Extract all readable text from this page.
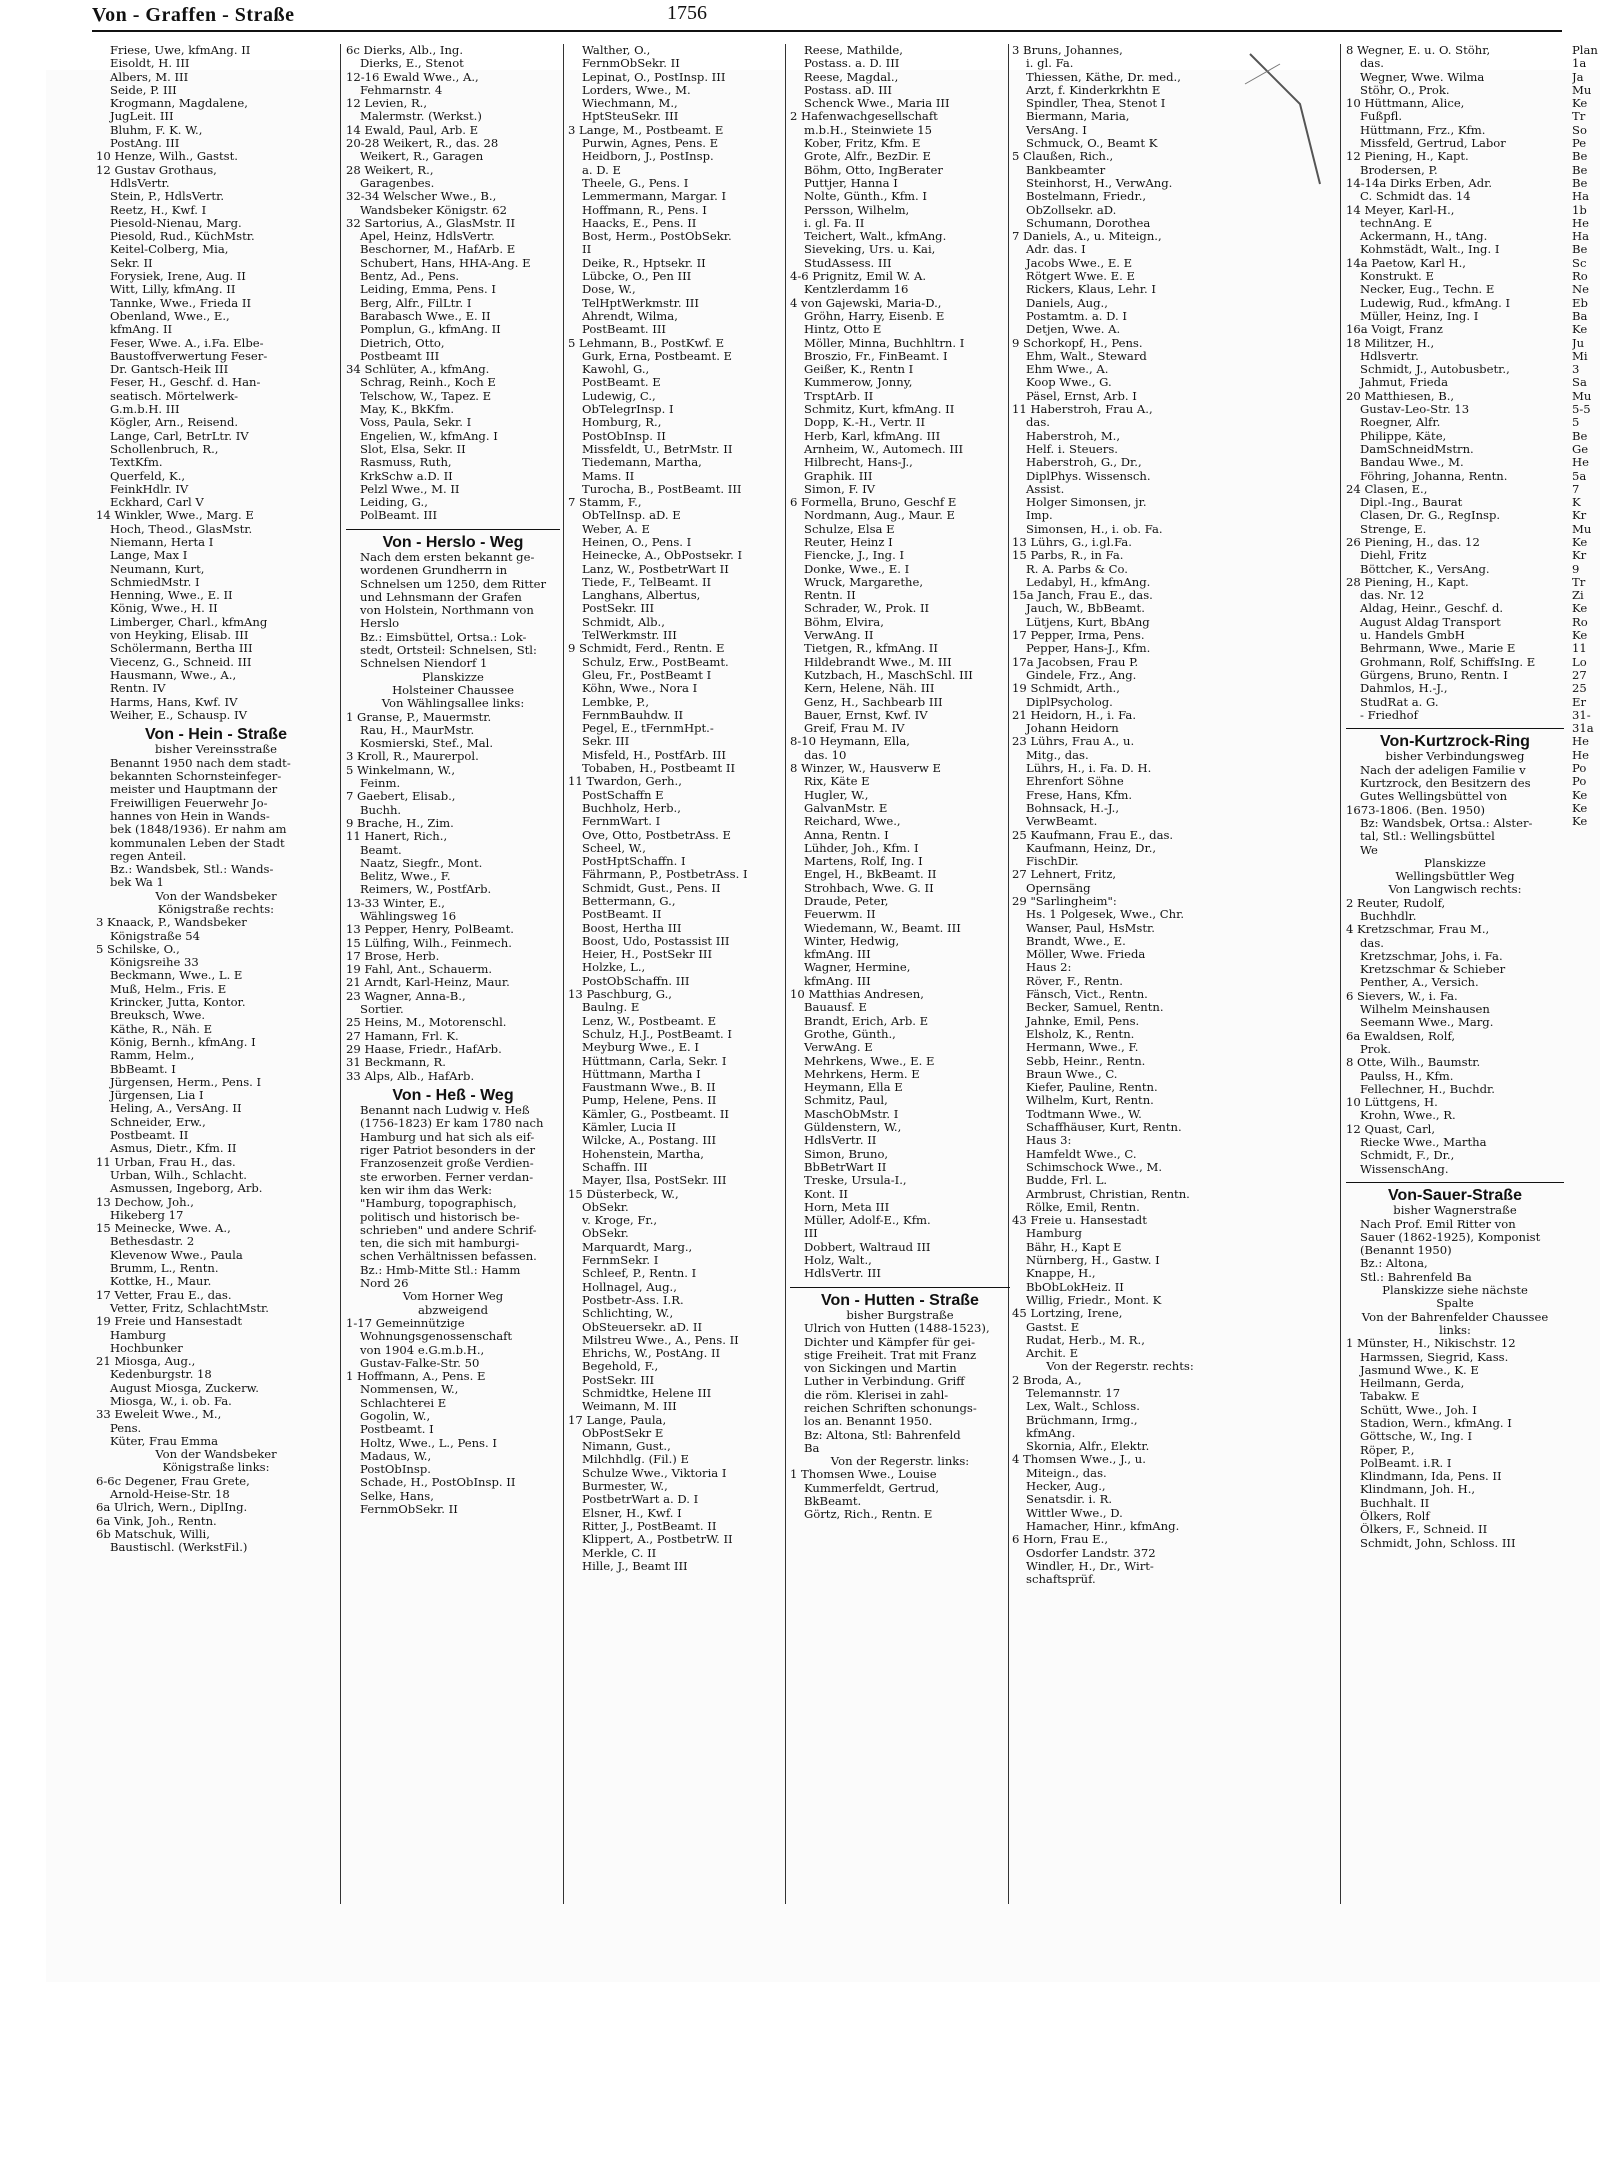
Von - Graffen - Straße	1756
Friese, Uwe, kfmAng. II
Eisoldt, H. III
Albers, M. III
Seide, P. III
Krogmann, Magdalene,
JugLeit. III
Bluhm, F. K. W.,
PostAng. III
10 Henze, Wilh., Gastst.
12 Gustav Grothaus,
HdlsVertr.
Stein, P., HdlsVertr.
Reetz, H., Kwf. I
Piesold-Nienau, Marg.
Piesold, Rud., KüchMstr.
Keitel-Colberg, Mia,
Sekr. II
Forysiek, Irene, Aug. II
Witt, Lilly, kfmAng. II
Tannke, Wwe., Frieda II
Obenland, Wwe., E.,
kfmAng. II
Feser, Wwe. A., i.Fa. Elbe-
Baustoffverwertung Feser-
Dr. Gantsch-Heik III
Feser, H., Geschf. d. Han-
seatisch. Mörtelwerk-
G.m.b.H. III
Kögler, Arn., Reisend.
Lange, Carl, BetrLtr. IV
Schollenbruch, R.,
TextKfm.
Querfeld, K.,
FeinkHdlr. IV
Eckhard, Carl V
14 Winkler, Wwe., Marg. E
Hoch, Theod., GlasMstr.
Niemann, Herta I
Lange, Max I
Neumann, Kurt,
SchmiedMstr. I
Henning, Wwe., E. II
König, Wwe., H. II
Limberger, Charl., kfmAng
von Heyking, Elisab. III
Schölermann, Bertha III
Viecenz, G., Schneid. III
Hausmann, Wwe., A.,
Rentn. IV
Harms, Hans, Kwf. IV
Weiher, E., Schausp. IV
Von - Hein - Straße
bisher Vereinsstraße
Benannt 1950 nach dem stadt-
bekannten Schornsteinfeger-
meister und Hauptmann der
Freiwilligen Feuerwehr Jo-
hannes von Hein in Wands-
bek (1848/1936). Er nahm am
kommunalen Leben der Stadt
regen Anteil.
Bz.: Wandsbek, Stl.: Wands-
bek Wa 1
Von der Wandsbeker
Königstraße rechts:
3 Knaack, P., Wandsbeker
Königstraße 54
5 Schilske, O.,
Königsreihe 33
Beckmann, Wwe., L. E
Muß, Helm., Fris. E
Krincker, Jutta, Kontor.
Breuksch, Wwe.
Käthe, R., Näh. E
König, Bernh., kfmAng. I
Ramm, Helm.,
BbBeamt. I
Jürgensen, Herm., Pens. I
Jürgensen, Lia I
Heling, A., VersAng. II
Schneider, Erw.,
Postbeamt. II
Asmus, Dietr., Kfm. II
11 Urban, Frau H., das.
Urban, Wilh., Schlacht.
Asmussen, Ingeborg, Arb.
13 Dechow, Joh.,
Hikeberg 17
15 Meinecke, Wwe. A.,
Bethesdastr. 2
Klevenow Wwe., Paula
Brumm, L., Rentn.
Kottke, H., Maur.
17 Vetter, Frau E., das.
Vetter, Fritz, SchlachtMstr.
19 Freie und Hansestadt
Hamburg
Hochbunker
21 Miosga, Aug.,
Kedenburgstr. 18
August Miosga, Zuckerw.
Miosga, W., i. ob. Fa.
33 Eweleit Wwe., M.,
Pens.
Küter, Frau Emma
Von der Wandsbeker
Königstraße links:
6-6c Degener, Frau Grete,
Arnold-Heise-Str. 18
6a Ulrich, Wern., DiplIng.
6a Vink, Joh., Rentn.
6b Matschuk, Willi,
Baustischl. (WerkstFil.)
6c Dierks, Alb., Ing.
Dierks, E., Stenot
12-16 Ewald Wwe., A.,
Fehmarnstr. 4
12 Levien, R.,
Malermstr. (Werkst.)
14 Ewald, Paul, Arb. E
20-28 Weikert, R., das. 28
Weikert, R., Garagen
28 Weikert, R.,
Garagenbes.
32-34 Welscher Wwe., B.,
Wandsbeker Königstr. 62
32 Sartorius, A., GlasMstr. II
Apel, Heinz, HdlsVertr.
Beschorner, M., HafArb. E
Schubert, Hans, HHA-Ang. E
Bentz, Ad., Pens.
Leiding, Emma, Pens. I
Berg, Alfr., FilLtr. I
Barabasch Wwe., E. II
Pomplun, G., kfmAng. II
Dietrich, Otto,
Postbeamt III
34 Schlüter, A., kfmAng.
Schrag, Reinh., Koch E
Telschow, W., Tapez. E
May, K., BkKfm.
Voss, Paula, Sekr. I
Engelien, W., kfmAng. I
Slot, Elsa, Sekr. II
Rasmuss, Ruth,
KrkSchw a.D. II
Pelzl Wwe., M. II
Leiding, G.,
PolBeamt. III
Von - Herslo - Weg
Nach dem ersten bekannt ge-
wordenen Grundherrn in
Schnelsen um 1250, dem Ritter
und Lehnsmann der Grafen
von Holstein, Northmann von
Herslo
Bz.: Eimsbüttel, Ortsa.: Lok-
stedt, Ortsteil: Schnelsen, Stl:
Schnelsen Niendorf 1
Planskizze
Holsteiner Chaussee
Von Wählingsallee links:
1 Granse, P., Mauermstr.
Rau, H., MaurMstr.
Kosmierski, Stef., Mal.
3 Kroll, R., Maurerpol.
5 Winkelmann, W.,
Feinm.
7 Gaebert, Elisab.,
Buchh.
9 Brache, H., Zim.
11 Hanert, Rich.,
Beamt.
Naatz, Siegfr., Mont.
Belitz, Wwe., F.
Reimers, W., PostfArb.
13-33 Winter, E.,
Wählingsweg 16
13 Pepper, Henry, PolBeamt.
15 Lülfing, Wilh., Feinmech.
17 Brose, Herb.
19 Fahl, Ant., Schauerm.
21 Arndt, Karl-Heinz, Maur.
23 Wagner, Anna-B.,
Sortier.
25 Heins, M., Motorenschl.
27 Hamann, Frl. K.
29 Haase, Friedr., HafArb.
31 Beckmann, R.
33 Alps, Alb., HafArb.
Von - Heß - Weg
Benannt nach Ludwig v. Heß
(1756-1823) Er kam 1780 nach
Hamburg und hat sich als eif-
riger Patriot besonders in der
Franzosenzeit große Verdien-
ste erworben. Ferner verdan-
ken wir ihm das Werk:
"Hamburg, topographisch,
politisch und historisch be-
schrieben" und andere Schrif-
ten, die sich mit hamburgi-
schen Verhältnissen befassen.
Bz.: Hmb-Mitte Stl.: Hamm
Nord 26
Vom Horner Weg
abzweigend
1-17 Gemeinnützige
Wohnungsgenossenschaft
von 1904 e.G.m.b.H.,
Gustav-Falke-Str. 50
1 Hoffmann, A., Pens. E
Nommensen, W.,
Schlachterei E
Gogolin, W.,
Postbeamt. I
Holtz, Wwe., L., Pens. I
Madaus, W.,
PostObInsp.
Schade, H., PostObInsp. II
Selke, Hans,
FernmObSekr. II
Walther, O.,
FernmObSekr. II
Lepinat, O., PostInsp. III
Lorders, Wwe., M.
Wiechmann, M.,
HptSteuSekr. III
3 Lange, M., Postbeamt. E
Purwin, Agnes, Pens. E
Heidborn, J., PostInsp.
a. D. E
Theele, G., Pens. I
Lemmermann, Margar. I
Hoffmann, R., Pens. I
Haacks, E., Pens. II
Bost, Herm., PostObSekr.
II
Deike, R., Hptsekr. II
Lübcke, O., Pen III
Dose, W.,
TelHptWerkmstr. III
Ahrendt, Wilma,
PostBeamt. III
5 Lehmann, B., PostKwf. E
Gurk, Erna, Postbeamt. E
Kawohl, G.,
PostBeamt. E
Ludewig, C.,
ObTelegrInsp. I
Homburg, R.,
PostObInsp. II
Missfeldt, U., BetrMstr. II
Tiedemann, Martha,
Mams. II
Turocha, B., PostBeamt. III
7 Stamm, F.,
ObTelInsp. aD. E
Weber, A. E
Heinen, O., Pens. I
Heinecke, A., ObPostsekr. I
Lanz, W., PostbetrWart II
Tiede, F., TelBeamt. II
Langhans, Albertus,
PostSekr. III
Schmidt, Alb.,
TelWerkmstr. III
9 Schmidt, Ferd., Rentn. E
Schulz, Erw., PostBeamt.
Gleu, Fr., PostBeamt I
Köhn, Wwe., Nora I
Lembke, P.,
FernmBauhdw. II
Pegel, E., tFernmHpt.-
Sekr. III
Misfeld, H., PostfArb. III
Tobaben, H., Postbeamt II
11 Twardon, Gerh.,
PostSchaffn E
Buchholz, Herb.,
FernmWart. I
Ove, Otto, PostbetrAss. E
Scheel, W.,
PostHptSchaffn. I
Fährmann, P., PostbetrAss. I
Schmidt, Gust., Pens. II
Bettermann, G.,
PostBeamt. II
Boost, Hertha III
Boost, Udo, Postassist III
Heier, H., PostSekr III
Holzke, L.,
PostObSchaffn. III
13 Paschburg, G.,
Baulng. E
Lenz, W., Postbeamt. E
Schulz, H.J., PostBeamt. I
Meyburg Wwe., E. I
Hüttmann, Carla, Sekr. I
Hüttmann, Martha I
Faustmann Wwe., B. II
Pump, Helene, Pens. II
Kämler, G., Postbeamt. II
Kämler, Lucia II
Wilcke, A., Postang. III
Hohenstein, Martha,
Schaffn. III
Mayer, Ilsa, PostSekr. III
15 Düsterbeck, W.,
ObSekr.
v. Kroge, Fr.,
ObSekr.
Marquardt, Marg.,
FernmSekr. I
Schleef, P., Rentn. I
Hollnagel, Aug.,
Postbetr-Ass. I.R.
Schlichting, W.,
ObSteuersekr. aD. II
Milstreu Wwe., A., Pens. II
Ehrichs, W., PostAng. II
Begehold, F.,
PostSekr. III
Schmidtke, Helene III
Weimann, M. III
17 Lange, Paula,
ObPostSekr E
Nimann, Gust.,
Milchhdlg. (Fil.) E
Schulze Wwe., Viktoria I
Burmester, W.,
PostbetrWart a. D. I
Elsner, H., Kwf. I
Ritter, J., PostBeamt. II
Klippert, A., PostbetrW. II
Merkle, C. II
Hille, J., Beamt III
Reese, Mathilde,
Postass. a. D. III
Reese, Magdal.,
Postass. aD. III
Schenck Wwe., Maria III
2 Hafenwachgesellschaft
m.b.H., Steinwiete 15
Kober, Fritz, Kfm. E
Grote, Alfr., BezDir. E
Böhm, Otto, IngBerater
Puttjer, Hanna I
Nolte, Günth., Kfm. I
Persson, Wilhelm,
i. gl. Fa. II
Teichert, Walt., kfmAng.
Sieveking, Urs. u. Kai,
StudAssess. III
4-6 Prignitz, Emil W. A.
Kentzlerdamm 16
4 von Gajewski, Maria-D.,
Gröhn, Harry, Eisenb. E
Hintz, Otto E
Möller, Minna, Buchhltrn. I
Broszio, Fr., FinBeamt. I
Geißer, K., Rentn I
Kummerow, Jonny,
TrsptArb. II
Schmitz, Kurt, kfmAng. II
Dopp, K.-H., Vertr. II
Herb, Karl, kfmAng. III
Arnheim, W., Automech. III
Hilbrecht, Hans-J.,
Graphik. III
Simon, F. IV
6 Formella, Bruno, Geschf E
Nordmann, Aug., Maur. E
Schulze, Elsa E
Reuter, Heinz I
Fiencke, J., Ing. I
Donke, Wwe., E. I
Wruck, Margarethe,
Rentn. II
Schrader, W., Prok. II
Böhm, Elvira,
VerwAng. II
Tietgen, R., kfmAng. II
Hildebrandt Wwe., M. III
Kutzbach, H., MaschSchl. III
Kern, Helene, Näh. III
Genz, H., Sachbearb III
Bauer, Ernst, Kwf. IV
Greif, Frau M. IV
8-10 Heymann, Ella,
das. 10
8 Winzer, W., Hausverw E
Rix, Käte E
Hugler, W.,
GalvanMstr. E
Reichard, Wwe.,
Anna, Rentn. I
Lühder, Joh., Kfm. I
Martens, Rolf, Ing. I
Engel, H., BkBeamt. II
Strohbach, Wwe. G. II
Draude, Peter,
Feuerwm. II
Wiedemann, W., Beamt. III
Winter, Hedwig,
kfmAng. III
Wagner, Hermine,
kfmAng. III
10 Matthias Andresen,
Bauausf. E
Brandt, Erich, Arb. E
Grothe, Günth.,
VerwAng. E
Mehrkens, Wwe., E. E
Mehrkens, Herm. E
Heymann, Ella E
Schmitz, Paul,
MaschObMstr. I
Güldenstern, W.,
HdlsVertr. II
Simon, Bruno,
BbBetrWart II
Treske, Ursula-I.,
Kont. II
Horn, Meta III
Müller, Adolf-E., Kfm.
III
Dobbert, Waltraud III
Holz, Walt.,
HdlsVertr. III
Von - Hutten - Straße
bisher Burgstraße
Ulrich von Hutten (1488-1523),
Dichter und Kämpfer für gei-
stige Freiheit. Trat mit Franz
von Sickingen und Martin
Luther in Verbindung. Griff
die röm. Klerisei in zahl-
reichen Schriften schonungs-
los an. Benannt 1950.
Bz: Altona, Stl: Bahrenfeld
Ba
Von der Regerstr. links:
1 Thomsen Wwe., Louise
Kummerfeldt, Gertrud,
BkBeamt.
Görtz, Rich., Rentn. E
3 Bruns, Johannes,
i. gl. Fa.
Thiessen, Käthe, Dr. med.,
Arzt, f. Kinderkrkhtn E
Spindler, Thea, Stenot I
Biermann, Maria,
VersAng. I
Schmuck, O., Beamt K
5 Claußen, Rich.,
Bankbeamter
Steinhorst, H., VerwAng.
Bostelmann, Friedr.,
ObZollsekr. aD.
Schumann, Dorothea
7 Daniels, A., u. Miteign.,
Adr. das. I
Jacobs Wwe., E. E
Rötgert Wwe. E. E
Rickers, Klaus, Lehr. I
Daniels, Aug.,
Postamtm. a. D. I
Detjen, Wwe. A.
9 Schorkopf, H., Pens.
Ehm, Walt., Steward
Ehm Wwe., A.
Koop Wwe., G.
Päsel, Ernst, Arb. I
11 Haberstroh, Frau A.,
das.
Haberstroh, M.,
Helf. i. Steuers.
Haberstroh, G., Dr.,
DiplPhys. Wissensch.
Assist.
Holger Simonsen, jr.
Imp.
Simonsen, H., i. ob. Fa.
13 Lührs, G., i.gl.Fa.
15 Parbs, R., in Fa.
R. A. Parbs & Co.
Ledabyl, H., kfmAng.
15a Janch, Frau E., das.
Jauch, W., BbBeamt.
Lütjens, Kurt, BbAng
17 Pepper, Irma, Pens.
Pepper, Hans-J., Kfm.
17a Jacobsen, Frau P.
Gindele, Frz., Ang.
19 Schmidt, Arth.,
DiplPsycholog.
21 Heidorn, H., i. Fa.
Johann Heidorn
23 Lührs, Frau A., u.
Mitg., das.
Lührs, H., i. Fa. D. H.
Ehrenfort Söhne
Frese, Hans, Kfm.
Bohnsack, H.-J.,
VerwBeamt.
25 Kaufmann, Frau E., das.
Kaufmann, Heinz, Dr.,
FischDir.
27 Lehnert, Fritz,
Opernsäng
29 "Sarlingheim":
Hs. 1 Polgesek, Wwe., Chr.
Wanser, Paul, HsMstr.
Brandt, Wwe., E.
Möller, Wwe. Frieda
Haus 2:
Röver, F., Rentn.
Fänsch, Vict., Rentn.
Becker, Samuel, Rentn.
Jahnke, Emil, Pens.
Elsholz, K., Rentn.
Hermann, Wwe., F.
Sebb, Heinr., Rentn.
Braun Wwe., C.
Kiefer, Pauline, Rentn.
Wilhelm, Kurt, Rentn.
Todtmann Wwe., W.
Schaffhäuser, Kurt, Rentn.
Haus 3:
Hamfeldt Wwe., C.
Schimschock Wwe., M.
Budde, Frl. L.
Armbrust, Christian, Rentn.
Rölke, Emil, Rentn.
43 Freie u. Hansestadt
Hamburg
Bähr, H., Kapt E
Nürnberg, H., Gastw. I
Knappe, H.,
BbObLokHeiz. II
Willig, Friedr., Mont. K
45 Lortzing, Irene,
Gastst. E
Rudat, Herb., M. R.,
Archit. E
Von der Regerstr. rechts:
2 Broda, A.,
Telemannstr. 17
Lex, Walt., Schloss.
Brüchmann, Irmg.,
kfmAng.
Skornia, Alfr., Elektr.
4 Thomsen Wwe., J., u.
Miteign., das.
Hecker, Aug.,
Senatsdir. i. R.
Wittler Wwe., D.
Hamacher, Hinr., kfmAng.
6 Horn, Frau E.,
Osdorfer Landstr. 372
Windler, H., Dr., Wirt-
schaftsprüf.
8 Wegner, E. u. O. Stöhr,
das.
Wegner, Wwe. Wilma
Stöhr, O., Prok.
10 Hüttmann, Alice,
Fußpfl.
Hüttmann, Frz., Kfm.
Missfeld, Gertrud, Labor
12 Piening, H., Kapt.
Brodersen, P.
14-14a Dirks Erben, Adr.
C. Schmidt das. 14
14 Meyer, Karl-H.,
technAng. E
Ackermann, H., tAng.
Kohmstädt, Walt., Ing. I
14a Paetow, Karl H.,
Konstrukt. E
Necker, Eug., Techn. E
Ludewig, Rud., kfmAng. I
Müller, Heinz, Ing. I
16a Voigt, Franz
18 Militzer, H.,
Hdlsvertr.
Schmidt, J., Autobusbetr.,
Jahmut, Frieda
20 Matthiesen, B.,
Gustav-Leo-Str. 13
Roegner, Alfr.
Philippe, Käte,
DamSchneidMstrn.
Bandau Wwe., M.
Föhring, Johanna, Rentn.
24 Clasen, E.,
Dipl.-Ing., Baurat
Clasen, Dr. G., RegInsp.
Strenge, E.
26 Piening, H., das. 12
Diehl, Fritz
Böttcher, K., VersAng.
28 Piening, H., Kapt.
das. Nr. 12
Aldag, Heinr., Geschf. d.
August Aldag Transport
u. Handels GmbH
Behrmann, Wwe., Marie E
Grohmann, Rolf, SchiffsIng. E
Gürgens, Bruno, Rentn. I
Dahmlos, H.-J.,
StudRat a. G.
- Friedhof
Von-Kurtzrock-Ring
bisher Verbindungsweg
Nach der adeligen Familie v
Kurtzrock, den Besitzern des
Gutes Wellingsbüttel von
1673-1806. (Ben. 1950)
Bz: Wandsbek, Ortsa.: Alster-
tal, Stl.: Wellingsbüttel
We
Planskizze
Wellingsbüttler Weg
Von Langwisch rechts:
2 Reuter, Rudolf,
Buchhdlr.
4 Kretzschmar, Frau M.,
das.
Kretzschmar, Johs, i. Fa.
Kretzschmar & Schieber
Penther, A., Versich.
6 Sievers, W., i. Fa.
Wilhelm Meinshausen
Seemann Wwe., Marg.
6a Ewaldsen, Rolf,
Prok.
8 Otte, Wilh., Baumstr.
Paulss, H., Kfm.
Fellechner, H., Buchdr.
10 Lüttgens, H.
Krohn, Wwe., R.
12 Quast, Carl,
Riecke Wwe., Martha
Schmidt, F., Dr.,
WissenschAng.
Von-Sauer-Straße
bisher Wagnerstraße
Nach Prof. Emil Ritter von
Sauer (1862-1925), Komponist
(Benannt 1950)
Bz.: Altona,
Stl.: Bahrenfeld Ba
Planskizze siehe nächste
Spalte
Von der Bahrenfelder Chaussee
links:
1 Münster, H., Nikischstr. 12
Harmssen, Siegrid, Kass.
Jasmund Wwe., K. E
Heilmann, Gerda,
Tabakw. E
Schütt, Wwe., Joh. I
Stadion, Wern., kfmAng. I
Göttsche, W., Ing. I
Röper, P.,
PolBeamt. i.R. I
Klindmann, Ida, Pens. II
Klindmann, Joh. H.,
Buchhalt. II
Ölkers, Rolf
Ölkers, F., Schneid. II
Schmidt, John, Schloss. III
Plan
1a
Ja
Mu
Ke
Tr
So
Pe
Be
Be
Be
Ha
1b
He
Ha
Be
Sc
Ro
Ne
Eb
Ba
Ke
Ju
Mi
3
Sa
Mu
5-5
5
Be
Ge
He
5a
7
K
Kr
Mu
Ke
Kr
9
Tr
Zi
Ke
Ro
Ke
11
Lo
27
25
Er
31-
31a
He
He
Po
Po
Ke
Ke
Ke
